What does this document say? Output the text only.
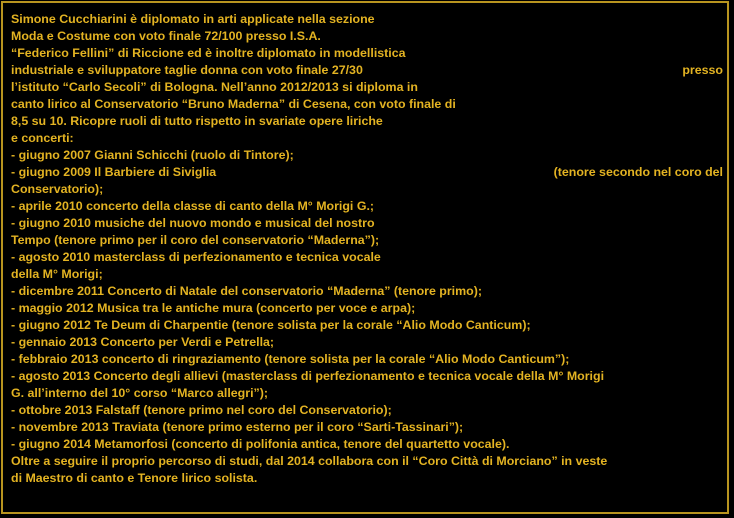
Simone Cucchiarini è diplomato in arti applicate nella sezione
Moda e Costume con voto finale 72/100 presso I.S.A.
“Federico Fellini” di Riccione ed è inoltre diplomato in modellistica
industriale e sviluppatore taglie donna con voto finale 27/30	presso
l’istituto “Carlo Secoli” di Bologna. Nell’anno 2012/2013 si diploma in
canto lirico al Conservatorio “Bruno Maderna” di Cesena, con voto finale di
8,5 su 10. Ricopre ruoli di tutto rispetto in svariate opere liriche
e concerti:
- giugno 2007 Gianni Schicchi (ruolo di Tintore);
- giugno 2009 Il Barbiere di Siviglia	(tenore secondo nel coro del
Conservatorio);
- aprile 2010 concerto della classe di canto della M° Morigi G.;
- giugno 2010 musiche del nuovo mondo e musical del nostro
Tempo (tenore primo per il coro del conservatorio “Maderna”);
- agosto 2010 masterclass di perfezionamento e tecnica vocale
della M° Morigi;
- dicembre 2011 Concerto di Natale del conservatorio “Maderna” (tenore primo);
- maggio 2012 Musica tra le antiche mura (concerto per voce e arpa);
- giugno 2012 Te Deum di Charpentie (tenore solista per la corale “Alio Modo Canticum);
- gennaio 2013 Concerto per Verdi e Petrella;
- febbraio 2013 concerto di ringraziamento (tenore solista per la corale “Alio Modo Canticum”);
- agosto 2013 Concerto degli allievi (masterclass di perfezionamento e tecnica vocale della M° Morigi
G. all’interno del 10° corso “Marco allegri”);
- ottobre 2013 Falstaff (tenore primo nel coro del Conservatorio);
- novembre 2013 Traviata (tenore primo esterno per il coro “Sarti-Tassinari”);
- giugno 2014 Metamorfosi (concerto di polifonia antica, tenore del quartetto vocale).
Oltre a seguire il proprio percorso di studi, dal 2014 collabora con il “Coro Città di Morciano” in veste
di Maestro di canto e Tenore lirico solista.
